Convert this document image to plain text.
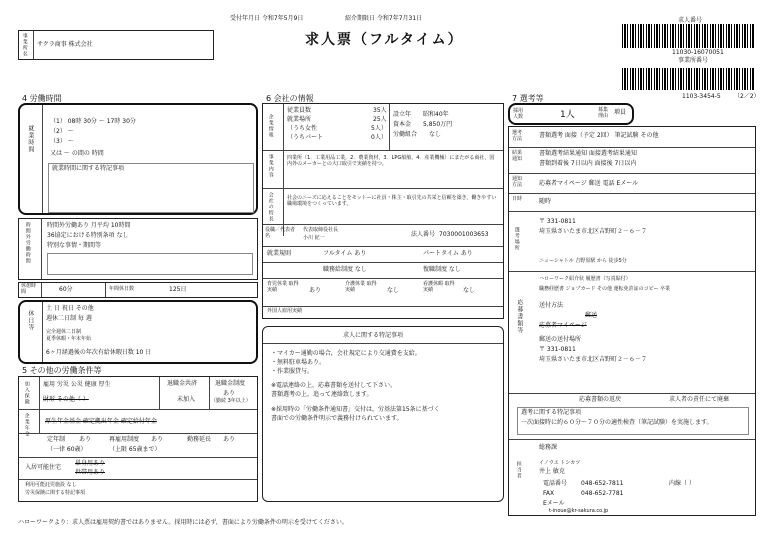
受付年月日 令和7年5月9日	紹介期限日 令和7年7月31日
求人票（フルタイム）
求人番号
11030-16070051
事業所番号
1103-3454-5 （2／2）
事業所名 サクラ商事 株式会社
4 労働時間
就業時間
（1） 08時 30分 〜 17時 30分
（2） 〜
（3） 〜
又は 〜 の間の 時間
就業時間に関する特記事項
時間外労働時間	時間外労働あり 月平均 10時間
36協定における特別条項 なし
特別な事情・期間等
休憩時間	60分	年間休日数	125日
休日等
土 日 祝日 その他
週休二日制 毎 週
完全週休二日制
夏季休暇・年末年始
6ヶ月経過後の年次有給休暇日数 10 日
5 その他の労働条件等
加入保険 雇用 労災 公災 健康 厚生
財形 その他（ ）
退職金共済
未加入
退職金制度
あり
（勤続 3年以上）
企業年金	厚生年金基金 確定拠出年金 確定給付年金
定年制 あり
（一律 60歳）
再雇用制度 あり
（上限 65歳まで）
勤務延長 あり
入居可能住宅
単身用あり
世帯用あり
利用可能託児施設 なし
労災保険に関する特記事項
6 会社の情報
企業情報
従業員数	35人
就業場所	25人
（うち女性	5人）
（うちパート	0人）
設立年 昭和40年
資本金 5,850万円
労働組合 なし
事業内容	四業所（1．工業用品工業，2．農業資材，3．LPG船舶，4．産業機械）にまたがる商社，国内外のメーカーとの大口取引で実績を持つ。
会社の特長	社会のニーズに応えることをモットーに社員・株主・取引先の共栄と信頼を築き，働きやすい職場環境をつくっています。
役職／代表者名
代表取締役社長
小川 紀一	法人番号 7030001003653
就業規則	フルタイム あり	パートタイム あり
職務給制度 なし	復職制度 なし
育児休業 取得実績	あり
介護休業 取得実績	なし
看護休暇 取得実績	なし
外国人雇用実績
求人に関する特記事項
・マイカー通勤の場合，会社規定により交通費を支給。
・無料駐車場あり。
・作業服貸与。
※電話連絡の上，応募書類を送付して下さい。
書類選考の上，追って連絡致します。
※採用時の「労働条件通知書」交付は，労基法第15条に基づく
書面での労働条件明示で義務付けられています。
7 選考等
採用人数	1人	募集理由 増員
選考方法	書類選考 面接（予定 2回） 筆記試験 その他
結果通知
書類選考結果通知 面接選考結果通知
書類到着後 7日以内 面接後 7日以内
通知方法	応募者マイページ 郵送 電話 Eメール
日時	随時
選考場所
〒 331-0811
埼玉県さいたま市北区吉野町２－６－７
ニューシャトル 吉野原駅 から 徒歩5分
応募書類等
ハローワーク紹介状 履歴書（写真貼付）
職務経歴書 ジョブカード その他 運転免許証のコピー 卒業
送付方法
郵送
応募者マイページ
郵送の送付場所
〒 331-0811
埼玉県さいたま市北区吉野町２－６－７
応募書類の返戻	求人者の責任にて廃棄
選考に関する特記事項
一次面接時に約６０分～７０分の適性検査（筆記試験）を実施します。
担当者
総務課
イノウエ トシカツ
井上 敏克
電話番号 048-652-7811	内線（ ）
FAX	048-652-7781
Eメール
t-inoue@kr-sakura.co.jp
ハローワークより：求人票は雇用契約書ではありません。採用時には必ず，書面により労働条件の明示を受けてください。
